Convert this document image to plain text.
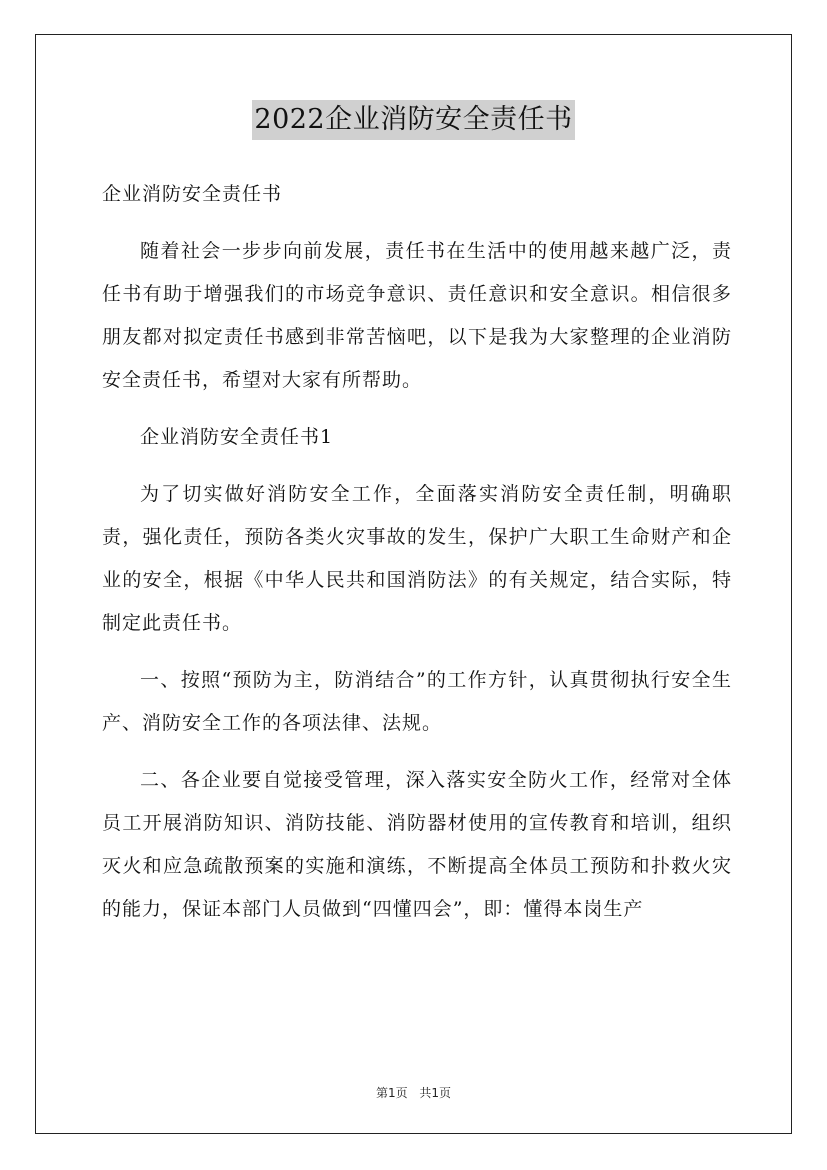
2022企业消防安全责任书

企业消防安全责任书

随着社会一步步向前发展，责任书在生活中的使用越来越广泛，责任书有助于增强我们的市场竞争意识、责任意识和安全意识。相信很多朋友都对拟定责任书感到非常苦恼吧，以下是我为大家整理的企业消防安全责任书，希望对大家有所帮助。

企业消防安全责任书1

为了切实做好消防安全工作，全面落实消防安全责任制，明确职责，强化责任，预防各类火灾事故的发生，保护广大职工生命财产和企业的安全，根据《中华人民共和国消防法》的有关规定，结合实际，特制定此责任书。

一、按照“预防为主，防消结合”的工作方针，认真贯彻执行安全生产、消防安全工作的各项法律、法规。

二、各企业要自觉接受管理，深入落实安全防火工作，经常对全体员工开展消防知识、消防技能、消防器材使用的宣传教育和培训，组织灭火和应急疏散预案的实施和演练，不断提高全体员工预防和扑救火灾的能力，保证本部门人员做到“四懂四会”，即：懂得本岗生产

第1页 共1页
